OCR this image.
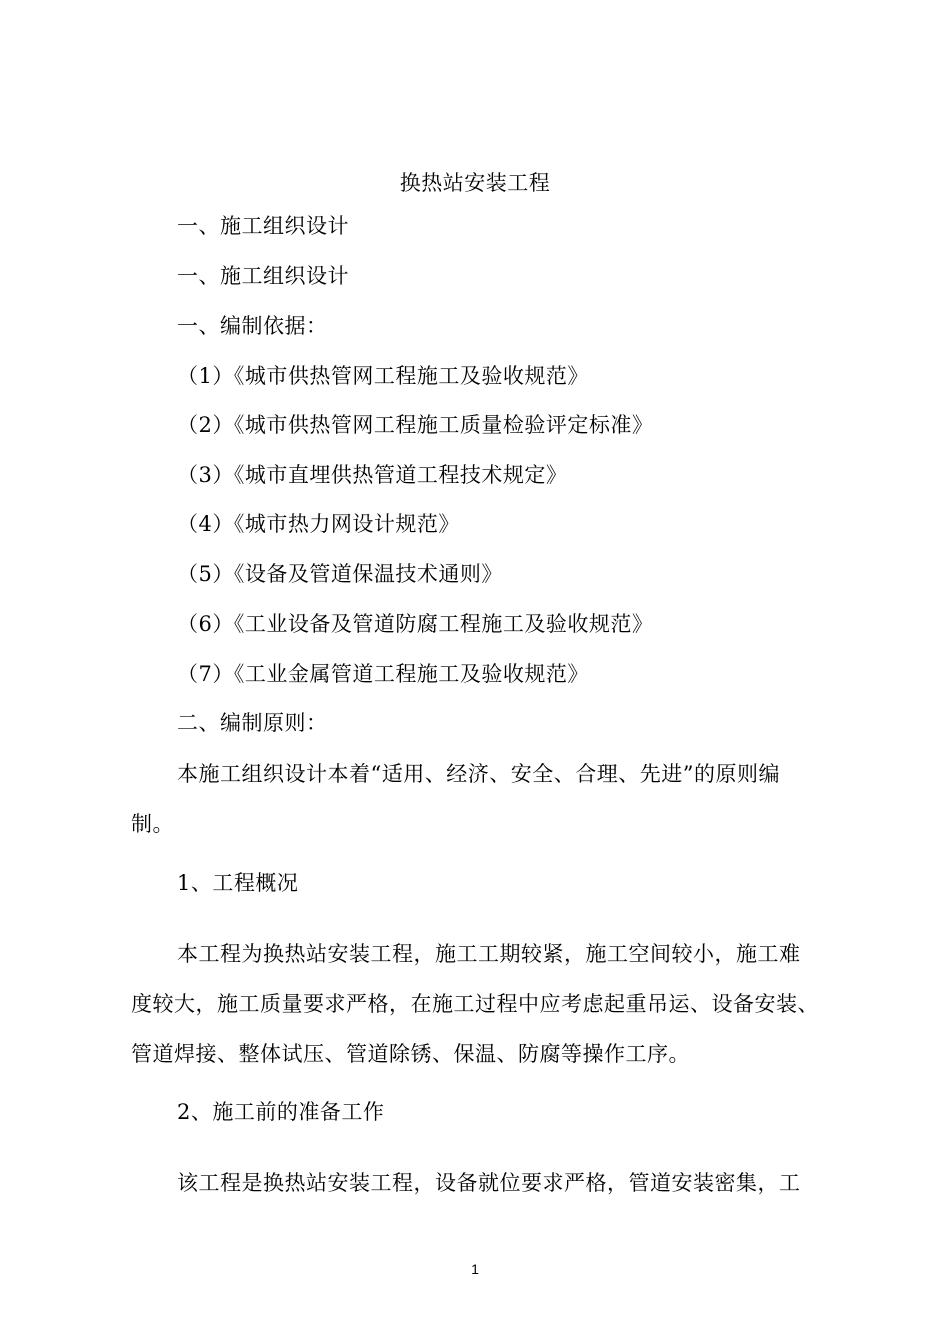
换热站安装工程
一、施工组织设计
一、施工组织设计
一、编制依据：
（1）《城市供热管网工程施工及验收规范》
（2）《城市供热管网工程施工质量检验评定标准》
（3）《城市直埋供热管道工程技术规定》
（4）《城市热力网设计规范》
（5）《设备及管道保温技术通则》
（6）《工业设备及管道防腐工程施工及验收规范》
（7）《工业金属管道工程施工及验收规范》
二、编制原则：
本施工组织设计本着“适用、经济、安全、合理、先进”的原则编
制。
1、工程概况
本工程为换热站安装工程，施工工期较紧，施工空间较小，施工难
度较大，施工质量要求严格，在施工过程中应考虑起重吊运、设备安装、
管道焊接、整体试压、管道除锈、保温、防腐等操作工序。
2、施工前的准备工作
该工程是换热站安装工程，设备就位要求严格，管道安装密集，工
1
